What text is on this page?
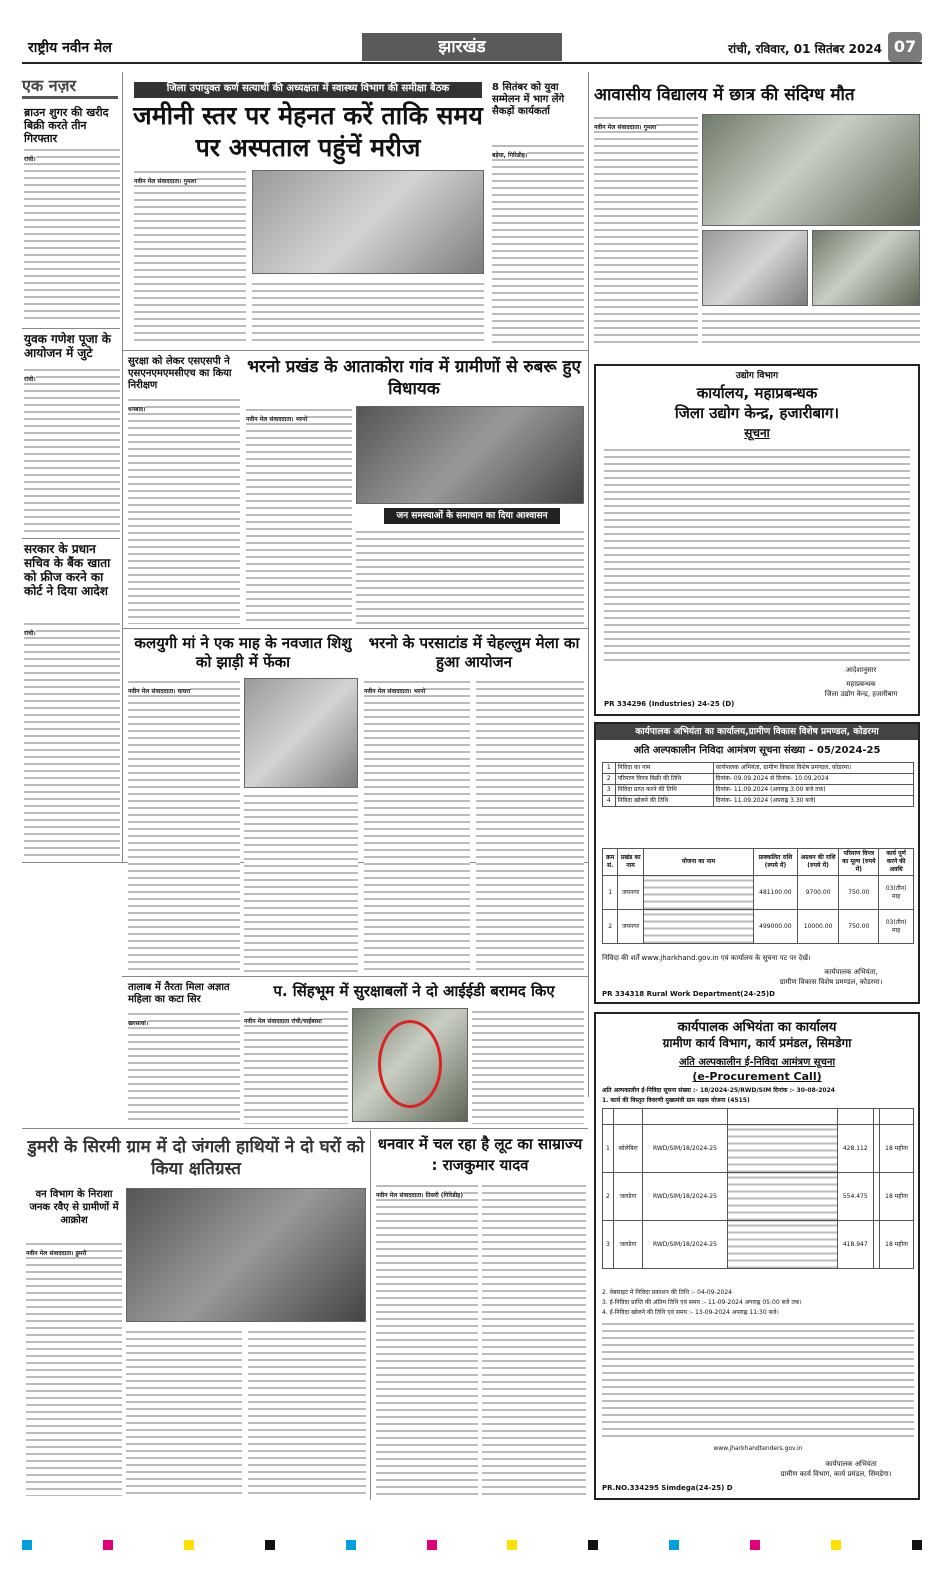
राष्ट्रीय नवीन मेल	झारखंड	रांची, रविवार, 01 सितंबर 2024 07
एक नज़र
ब्राउन शुगर की खरीद बिक्री करते तीन गिरफ्तार
रांची।
युवक गणेश पूजा के आयोजन में जुटे
रांची।
सरकार के प्रधान सचिव के बैंक खाता को फ्रीज करने का कोर्ट ने दिया आदेश
रांची।
जिला उपायुक्त कर्ण सत्यार्थी की अध्यक्षता में स्वास्थ्य विभाग की समीक्षा बैठक
जमीनी स्तर पर मेहनत करें ताकि समय पर अस्पताल पहुंचें मरीज
नवीन मेल संवाददाता। गुमला
8 सितंबर को युवा सम्मेलन में भाग लेंगे सैकड़ों कार्यकर्ता
बड़ेया, गिरिडीह।
आवासीय विद्यालय में छात्र की संदिग्ध मौत
नवीन मेल संवाददाता। गुमला
सुरक्षा को लेकर एसएसपी ने एसएनएमएमसीएच का किया निरीक्षण
धनबाद।
भरनो प्रखंड के आताकोरा गांव में ग्रामीणों से रुबरू हुए विधायक
नवीन मेल संवाददाता। भरनो
जन समस्याओं के समाधान का दिया आश्वासन
कलयुगी मां ने एक माह के नवजात शिशु को झाड़ी में फेंका
नवीन मेल संवाददाता। घाघरा
भरनो के परसाटांड में चेहल्लुम मेला का हुआ आयोजन
नवीन मेल संवाददाता। भरनो
तालाब में तैरता मिला अज्ञात महिला का कटा सिर
खरसावां।
प. सिंहभूम में सुरक्षाबलों ने दो आईईडी बरामद किए
नवीन मेल संवाददाता रांची/चाईबासा
डुमरी के सिरमी ग्राम में दो जंगली हाथियों ने दो घरों को किया क्षतिग्रस्त
वन विभाग के निराशा जनक रवैए से ग्रामीणों में आक्रोश
नवीन मेल संवाददाता। डुमरी
धनवार में चल रहा है लूट का साम्राज्य : राजकुमार यादव
नवीन मेल संवाददाता। तिसरी (गिरिडीह)
उद्योग विभाग
कार्यालय, महाप्रबन्धक
जिला उद्योग केन्द्र, हजारीबाग।
सूचना
आदेशानुसार
महाप्रबन्धक
जिला उद्योग केन्द्र, हजारीबाग
PR 334296 (Industries) 24-25 (D)
कार्यपालक अभियंता का कार्यालय,ग्रामीण विकास विशेष प्रमण्डल, कोडरमा
अति अल्पकालीन निविदा आमंत्रण सूचना संख्या – 05/2024-25
1	निविदा का नाम	कार्यपालक अभियंता, ग्रामीण विकास विशेष प्रमण्डल, कोडरमा।
2	परिमाण विपत्र बिक्री की तिथि	दिनांक- 09.09.2024 से दिनांक- 10.09.2024
3	निविदा प्राप्त करने की तिथि	दिनांक- 11.09.2024 (अपराह्न 3.00 बजे तक)
4	निविदा खोलने की तिथि	दिनांक- 11.09.2024 (अपराह्न 3.30 बजे)
क्रम सं.	प्रखंड का नाम	योजना का नाम	प्राक्कलित राशि (रुपये में)	अग्रधन की राशि (रुपये में)	परिमाण विपत्र का मूल्य (रुपये में)	कार्य पूर्ण करने की अवधि
1	जयनगर		481100.00	9700.00	750.00	03(तीन) माह
2	जयनगर		499000.00	10000.00	750.00	03(तीन) माह
निविदा की शर्तें www.jharkhand.gov.in एवं कार्यालय के सूचना पट पर देखें।
कार्यपालक अभियंता,
ग्रामीण विकास विशेष प्रमण्डल, कोडरमा।
PR 334318 Rural Work Department(24-25)D
कार्यपालक अभियंता का कार्यालय
ग्रामीण कार्य विभाग, कार्य प्रमंडल, सिमडेगा
अति अल्पकालीन ई-निविदा आमंत्रण सूचना
(e-Procurement Call)
अति अल्पकालीन ई-निविदा सूचना संख्या :- 18/2024-25/RWD/SIM दिनांक :- 30-08-2024
1. कार्य की विस्तृत विवरणी मुख्यमंत्री ग्राम सड़क योजना (4515)

1	कोलेबिरा	RWD/SIM/18/2024-25		428.112		18 महीना
2	जलडेगा	RWD/SIM/18/2024-25		554.475		18 महीना
3	जलडेगा	RWD/SIM/18/2024-25		418.947		18 महीना
2. वेबसाइट में निविदा प्रकाशन की तिथि :- 04-09-2024
3. ई-निविदा प्राप्ति की अंतिम तिथि एवं समय :- 11-09-2024 अपराह्न 05:00 बजे तक।
4. ई-निविदा खोलने की तिथि एवं समय :- 13-09-2024 अपराह्न 11:30 बजे।
www.jharkhandtenders.gov.in
कार्यपालक अभियंता
ग्रामीण कार्य विभाग, कार्य प्रमंडल, सिमडेगा।
PR.NO.334295 Simdega(24-25) D
